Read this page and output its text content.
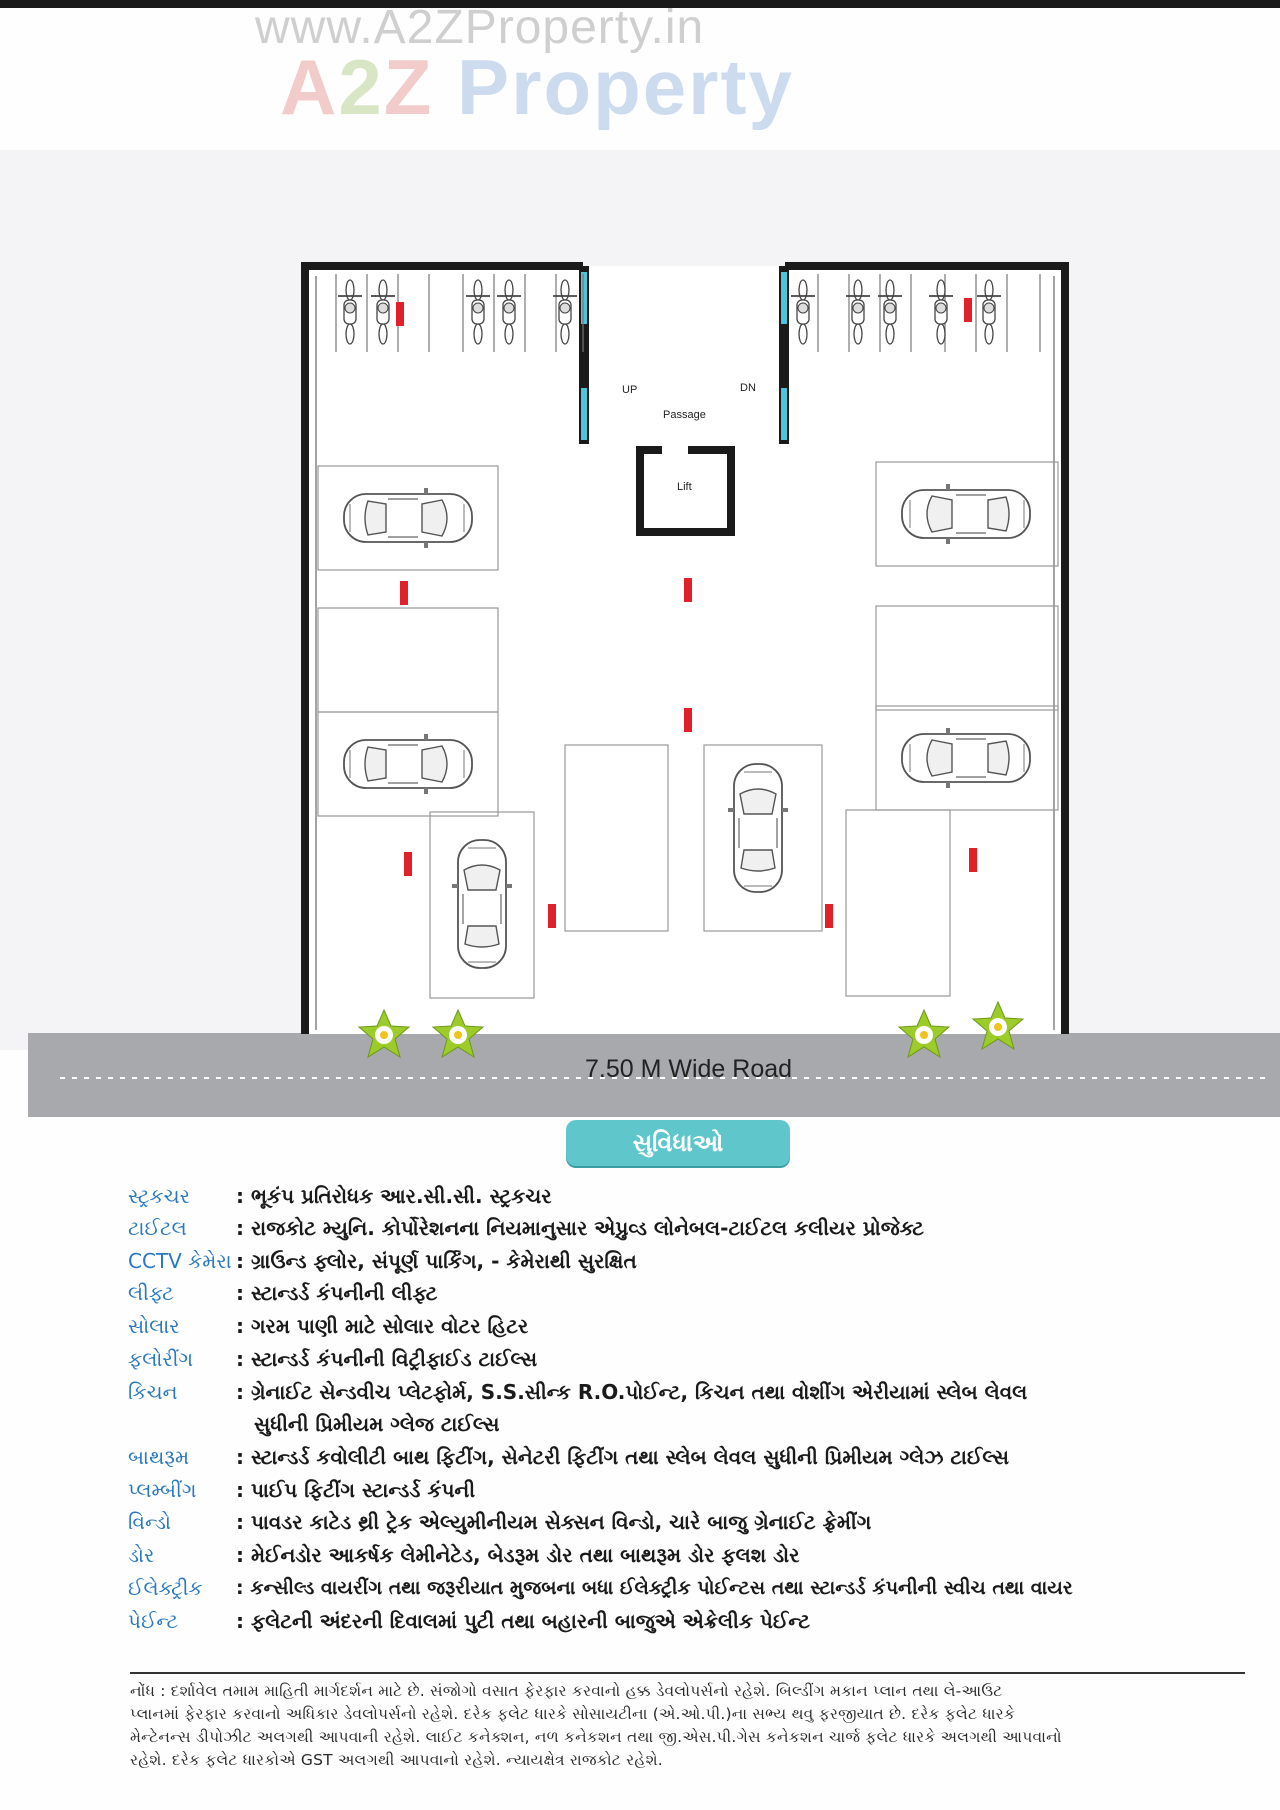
www.A2ZProperty.in
A2Z Property
UP	DN
Passage
Lift
7.50 M Wide Road
સુવિધાઓ
સ્ટ્રકચર : ભૂકંપ પ્રતિરોધક આર.સી.સી. સ્ટ્રકચર
ટાઈટલ : રાજકોટ મ્યુનિ. કોર્પોરેશનના નિયમાનુસાર એપ્રુવ્ડ લોનેબલ-ટાઈટલ કલીયર પ્રોજેક્ટ
CCTV કેમેરા : ગ્રાઉન્ડ ફ્લોર, સંપૂર્ણ પાર્કિંગ, - કેમેરાથી સુરક્ષિત
લીફ્ટ	: સ્ટાન્ડર્ડ કંપનીની લીફ્ટ
સોલાર	: ગરમ પાણી માટે સોલાર વોટર હિટર
ફલોરીંગ : સ્ટાન્ડર્ડ કંપનીની વિટ્રીફાઈડ ટાઈલ્સ
કિચન	: ગ્રેનાઈટ સેન્ડવીચ પ્લેટફોર્મ, S.S.સીન્ક R.O.પોઈન્ટ, કિચન તથા વોશીંગ એરીયામાં સ્લેબ લેવલ
સુધીની પ્રિમીયમ ગ્લેજ ટાઈલ્સ
બાથરૂમ : સ્ટાન્ડર્ડ કવોલીટી બાથ ફિટીંગ, સેનેટરી ફિટીંગ તથા સ્લેબ લેવલ સુધીની પ્રિમીયમ ગ્લેઝ ટાઈલ્સ
પ્લમ્બીંગ : પાઈપ ફિટીંગ સ્ટાન્ડર્ડ કંપની
વિન્ડો	: પાવડર કાટેડ થ્રી ટ્રેક એલ્યુમીનીયમ સેક્સન વિન્ડો, ચારે બાજુ ગ્રેનાઈટ ફ્રેમીંગ
ડોર	: મેઈનડોર આકર્ષક લેમીનેટેડ, બેડરૂમ ડોર તથા બાથરૂમ ડોર ફલશ ડોર
ઈલેક્ટ્રીક : કન્સીલ્ડ વાયરીંગ તથા જરૂરીયાત મુજબના બધા ઈલેક્ટ્રીક પોઈન્ટસ તથા સ્ટાન્ડર્ડ કંપનીની સ્વીચ તથા વાયર
પેઈન્ટ	: ફલેટની અંદરની દિવાલમાં પુટી તથા બહારની બાજુએ એક્રેલીક પેઈન્ટ
નોંધ : દર્શાવેલ તમામ માહિતી માર્ગદર્શન માટે છે. સંજોગો વસાત ફેરફાર કરવાનો હક્ક ડેવલોપર્સનો રહેશે. બિલ્ડીંગ મકાન પ્લાન તથા લે-આઉટ
પ્લાનમાં ફેરફાર કરવાનો અધિકાર ડેવલોપર્સનો રહેશે. દરેક ફલેટ ધારકે સોસાયટીના (એ.ઓ.પી.)ના સભ્ય થવુ ફરજીયાત છે. દરેક ફલેટ ધારકે
મેન્ટેનન્સ ડીપોઝીટ અલગથી આપવાની રહેશે. લાઈટ કનેક્શન, નળ કનેકશન તથા જી.એસ.પી.ગેસ કનેકશન ચાર્જ ફલેટ ધારકે અલગથી આપવાનો
રહેશે. દરેક ફલેટ ધારકોએ GST અલગથી આપવાનો રહેશે. ન્યાયક્ષેત્ર રાજકોટ રહેશે.
